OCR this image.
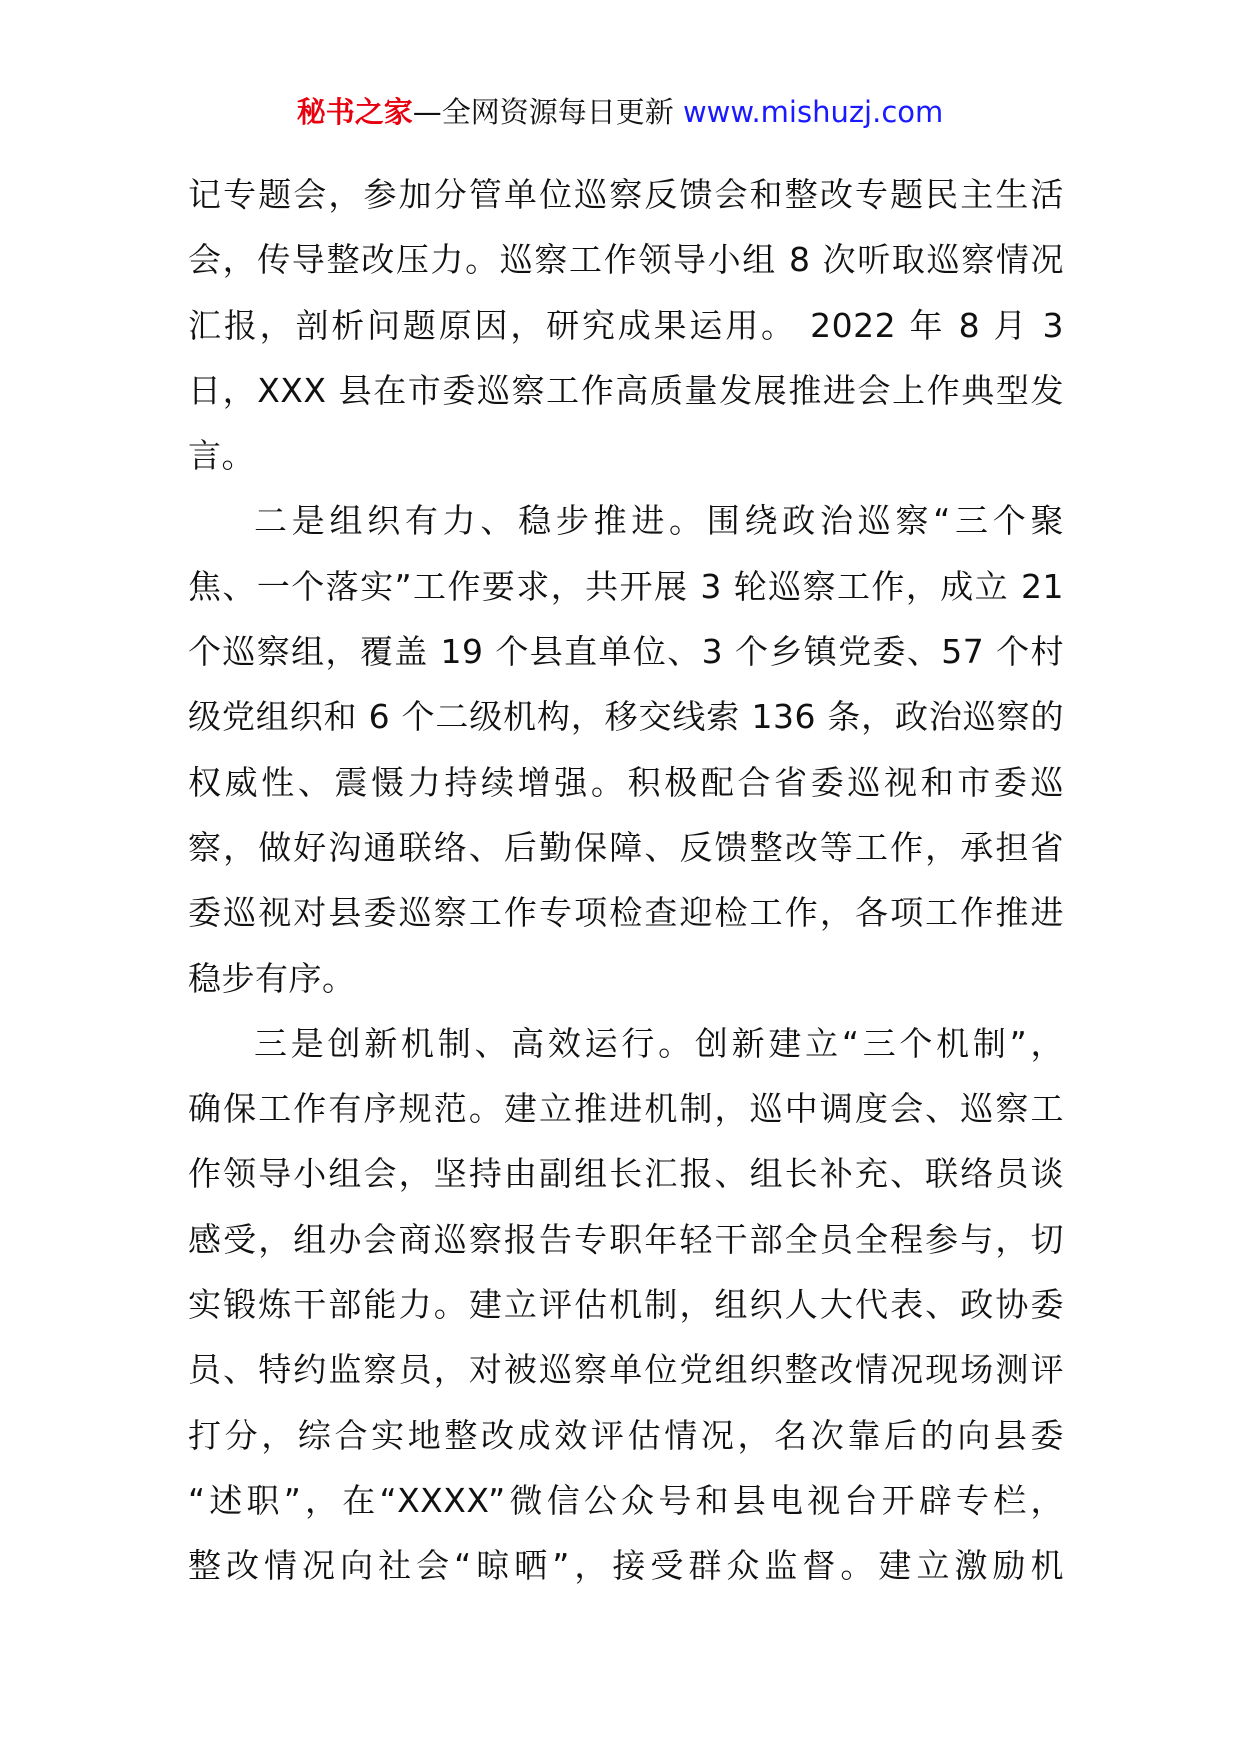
秘书之家—全网资源每日更新 www.mishuzj.com
记专题会，参加分管单位巡察反馈会和整改专题民主生活
会，传导整改压力。巡察工作领导小组 8 次听取巡察情况
汇报，剖析问题原因，研究成果运用。 2022 年 8 月 3
日，XXX 县在市委巡察工作高质量发展推进会上作典型发
言。
二是组织有力、稳步推进。围绕政治巡察“三个聚
焦、一个落实”工作要求，共开展 3 轮巡察工作，成立 21
个巡察组，覆盖 19 个县直单位、3 个乡镇党委、57 个村
级党组织和 6 个二级机构，移交线索 136 条，政治巡察的
权威性、震慑力持续增强。积极配合省委巡视和市委巡
察，做好沟通联络、后勤保障、反馈整改等工作，承担省
委巡视对县委巡察工作专项检查迎检工作，各项工作推进
稳步有序。
三是创新机制、高效运行。创新建立“三个机制”，
确保工作有序规范。建立推进机制，巡中调度会、巡察工
作领导小组会，坚持由副组长汇报、组长补充、联络员谈
感受，组办会商巡察报告专职年轻干部全员全程参与，切
实锻炼干部能力。建立评估机制，组织人大代表、政协委
员、特约监察员，对被巡察单位党组织整改情况现场测评
打分，综合实地整改成效评估情况，名次靠后的向县委
“述职”，在“XXXX”微信公众号和县电视台开辟专栏，
整改情况向社会“晾晒”，接受群众监督。建立激励机
